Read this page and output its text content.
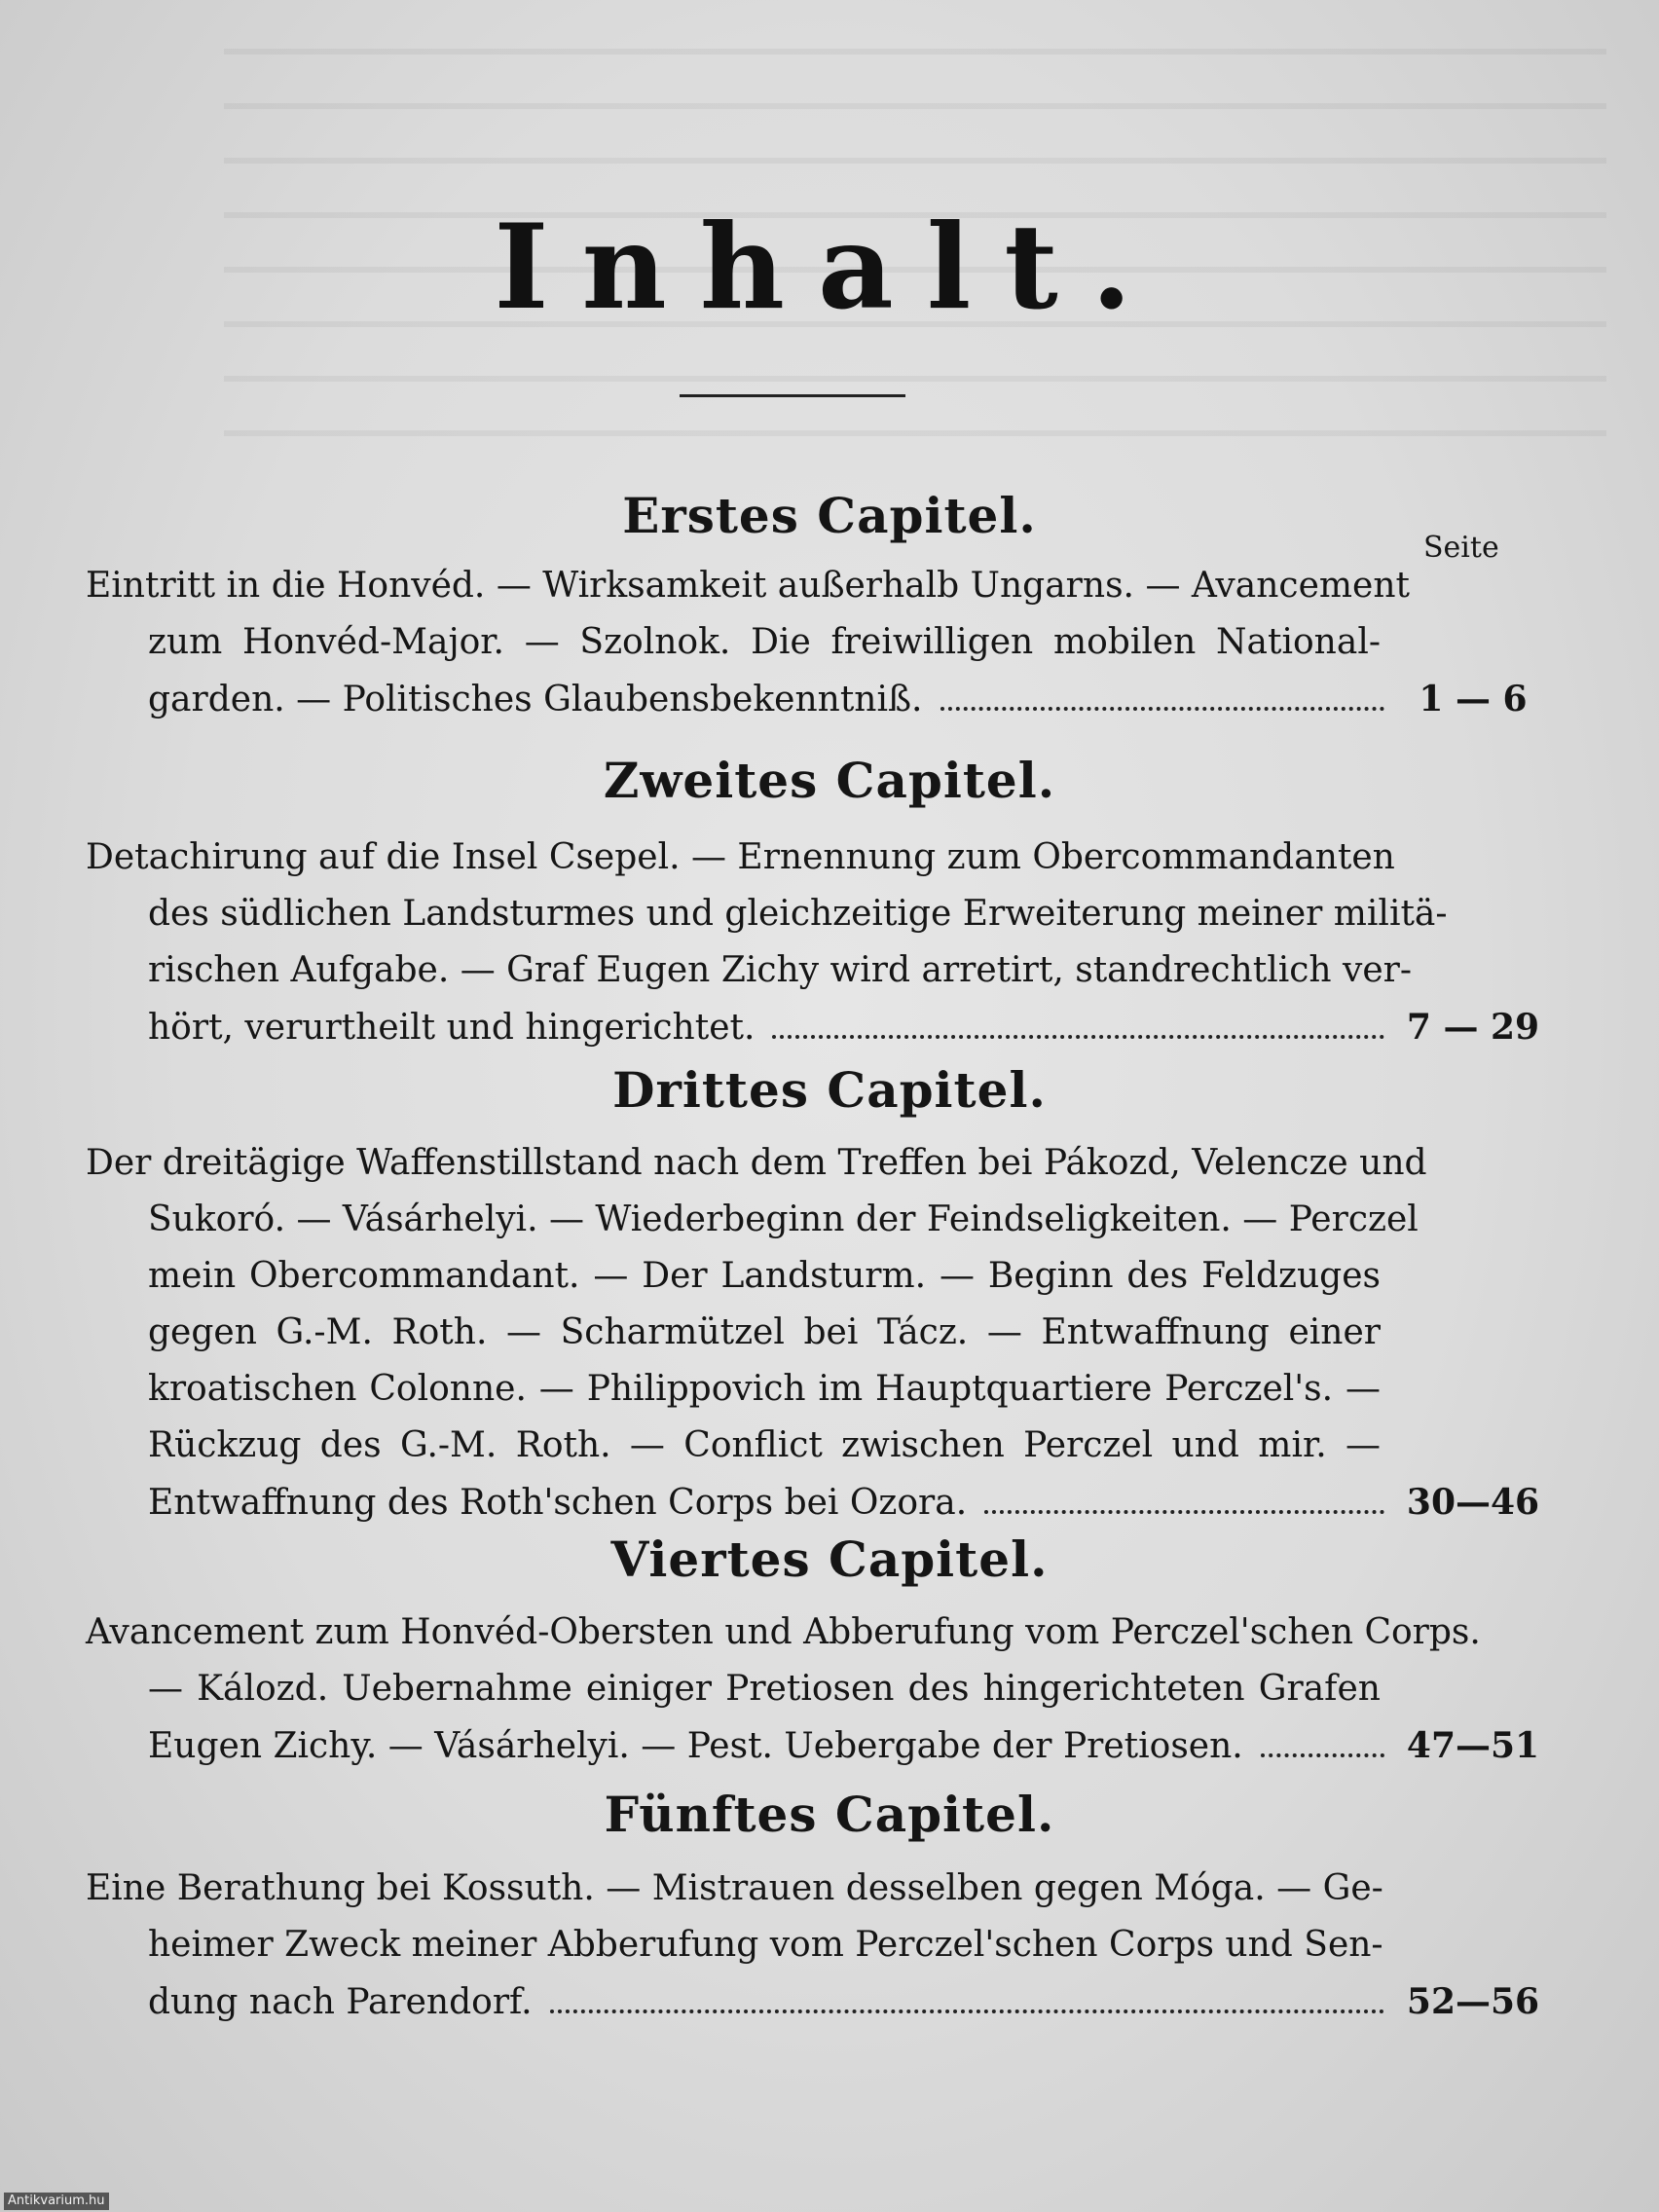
Inhalt.
Seite
Erstes Capitel.
Eintritt in die Honvéd. — Wirksamkeit außerhalb Ungarns. — Avancement
zum Honvéd-Major. — Szolnok. Die freiwilligen mobilen National-
garden. — Politisches Glaubensbekenntniß.	1 — 6
Zweites Capitel.
Detachirung auf die Insel Csepel. — Ernennung zum Obercommandanten
des südlichen Landsturmes und gleichzeitige Erweiterung meiner militä-
rischen Aufgabe. — Graf Eugen Zichy wird arretirt, standrechtlich ver-
hört, verurtheilt und hingerichtet.	7 — 29
Drittes Capitel.
Der dreitägige Waffenstillstand nach dem Treffen bei Pákozd, Velencze und
Sukoró. — Vásárhelyi. — Wiederbeginn der Feindseligkeiten. — Perczel
mein Obercommandant. — Der Landsturm. — Beginn des Feldzuges
gegen G.-M. Roth. — Scharmützel bei Tácz. — Entwaffnung einer
kroatischen Colonne. — Philippovich im Hauptquartiere Perczel's. —
Rückzug des G.-M. Roth. — Conflict zwischen Perczel und mir. —
Entwaffnung des Roth'schen Corps bei Ozora.	30—46
Viertes Capitel.
Avancement zum Honvéd-Obersten und Abberufung vom Perczel'schen Corps.
— Kálozd. Uebernahme einiger Pretiosen des hingerichteten Grafen
Eugen Zichy. — Vásárhelyi. — Pest. Uebergabe der Pretiosen.	47—51
Fünftes Capitel.
Eine Berathung bei Kossuth. — Mistrauen desselben gegen Móga. — Ge-
heimer Zweck meiner Abberufung vom Perczel'schen Corps und Sen-
dung nach Parendorf.	52—56
Antikvarium.hu
